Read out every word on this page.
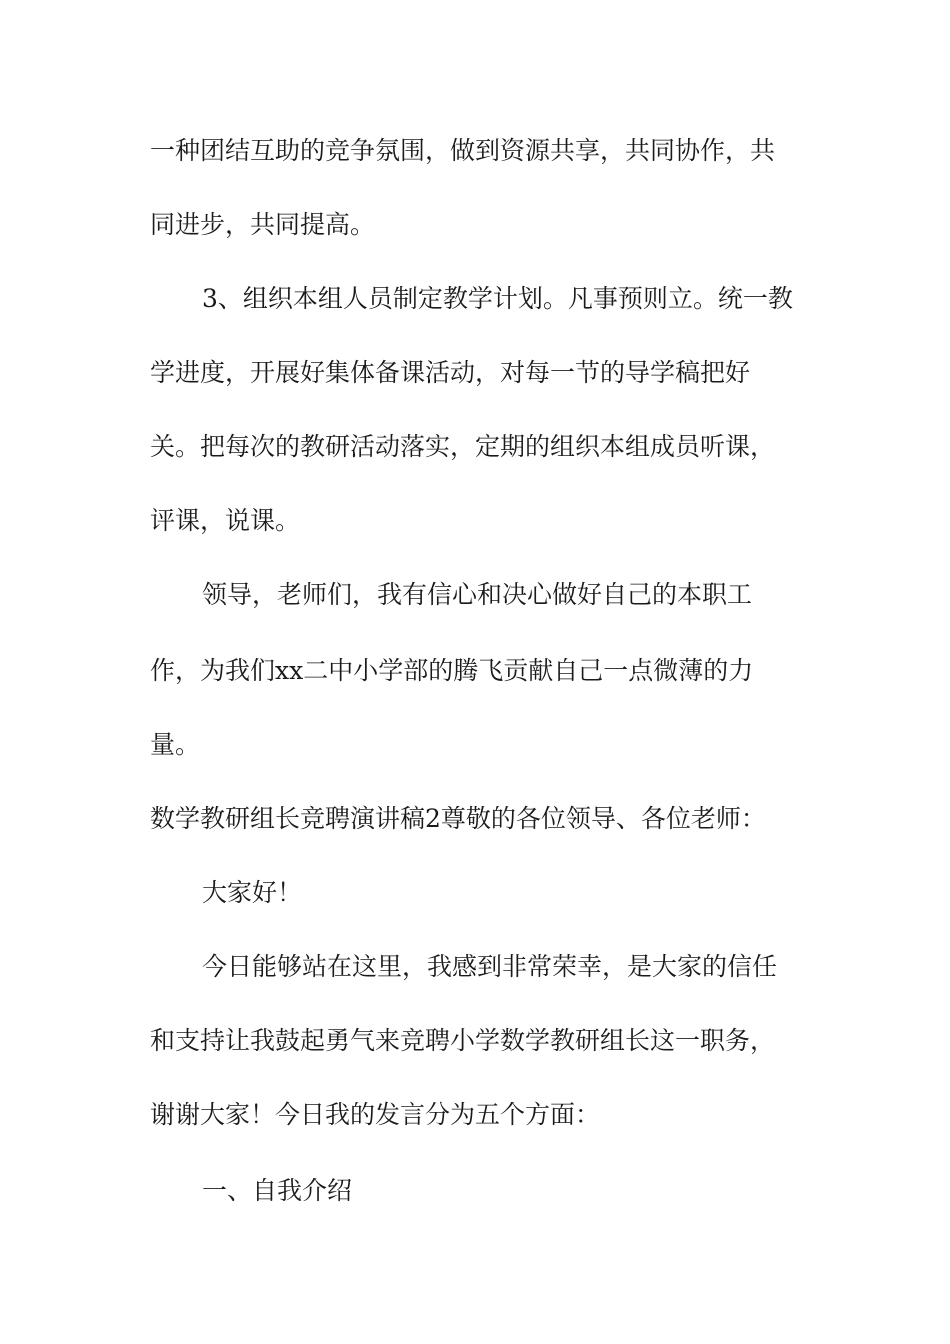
一种团结互助的竞争氛围，做到资源共享，共同协作，共

同进步，共同提高。

3、组织本组人员制定教学计划。凡事预则立。统一教

学进度，开展好集体备课活动，对每一节的导学稿把好

关。把每次的教研活动落实，定期的组织本组成员听课，

评课，说课。

领导，老师们，我有信心和决心做好自己的本职工

作，为我们xx二中小学部的腾飞贡献自己一点微薄的力

量。

数学教研组长竞聘演讲稿2尊敬的各位领导、各位老师：

大家好！

今日能够站在这里，我感到非常荣幸，是大家的信任

和支持让我鼓起勇气来竞聘小学数学教研组长这一职务，

谢谢大家！今日我的发言分为五个方面：

一、自我介绍
